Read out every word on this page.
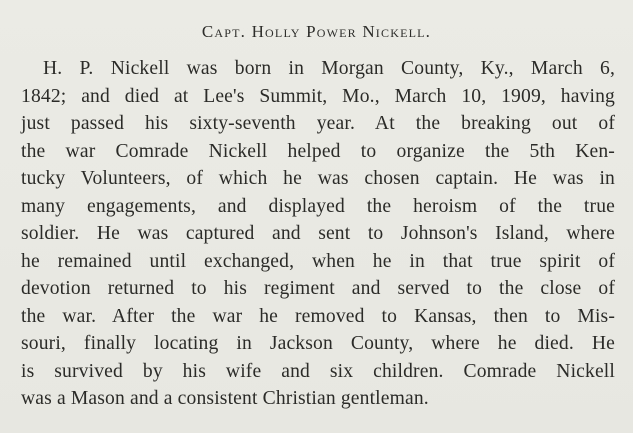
Capt. Holly Power Nickell.
H. P. Nickell was born in Morgan County, Ky., March 6,
1842; and died at Lee's Summit, Mo., March 10, 1909, having
just passed his sixty-seventh year. At the breaking out of
the war Comrade Nickell helped to organize the 5th Ken-
tucky Volunteers, of which he was chosen captain. He was in
many engagements, and displayed the heroism of the true
soldier. He was captured and sent to Johnson's Island, where
he remained until exchanged, when he in that true spirit of
devotion returned to his regiment and served to the close of
the war. After the war he removed to Kansas, then to Mis-
souri, finally locating in Jackson County, where he died. He
is survived by his wife and six children. Comrade Nickell
was a Mason and a consistent Christian gentleman.
